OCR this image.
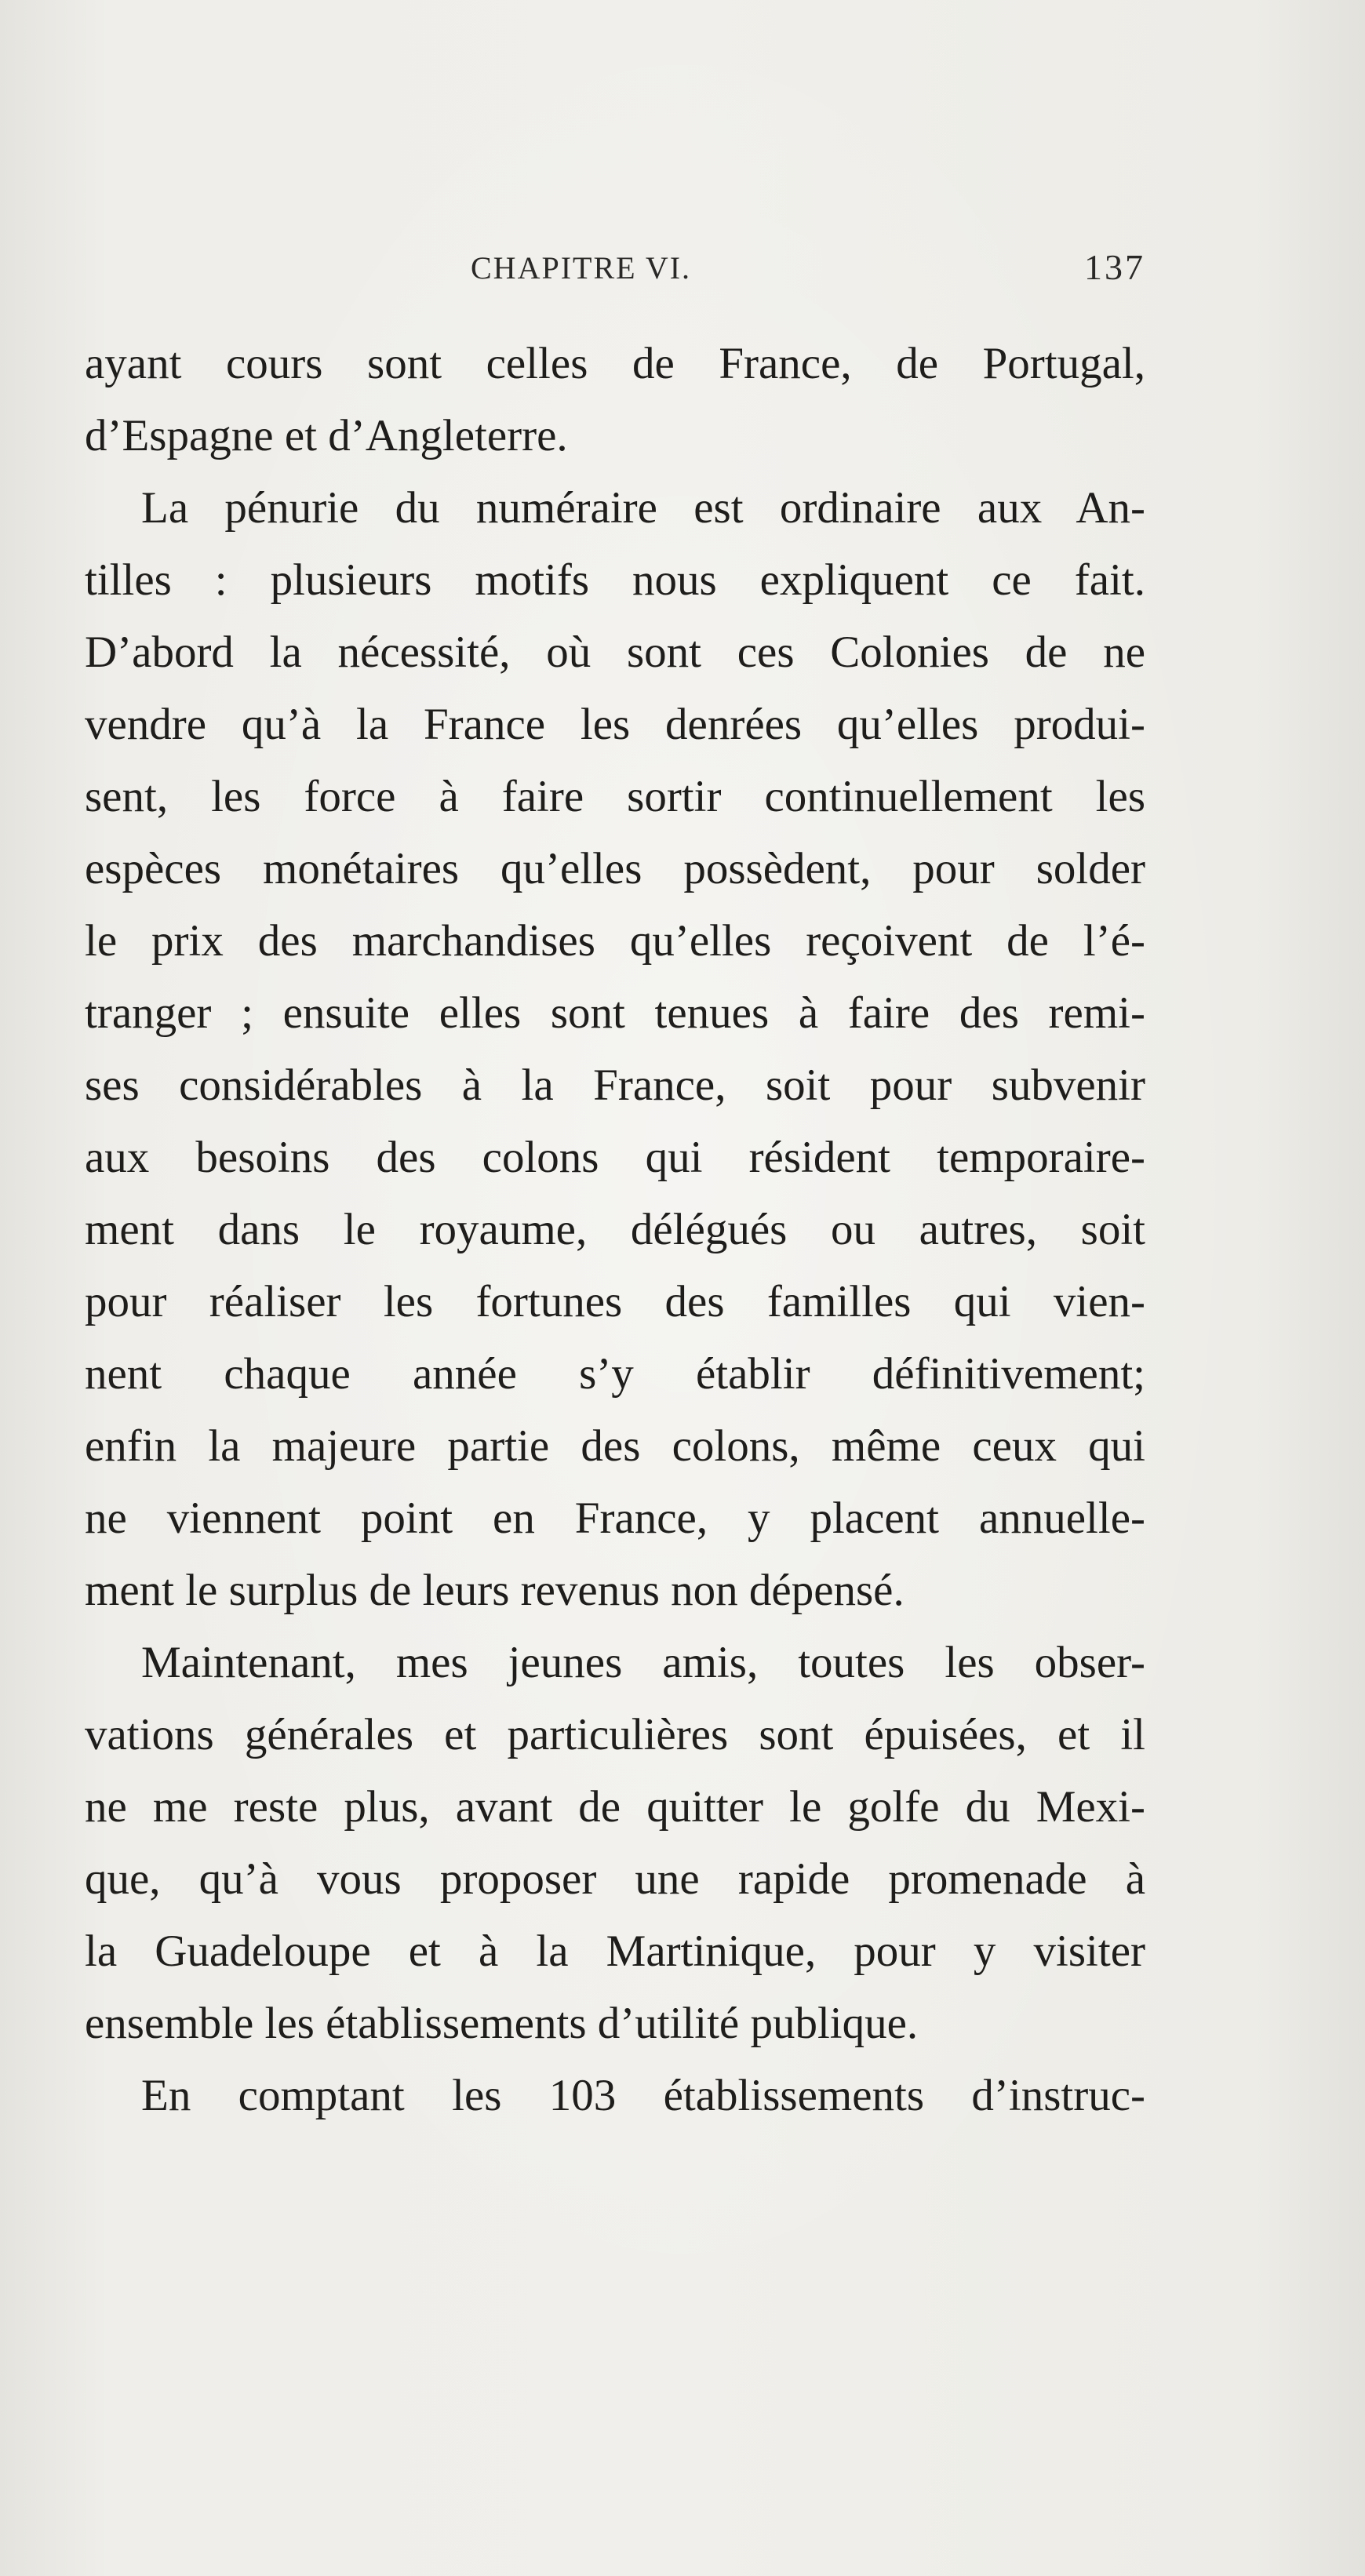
CHAPITRE VI.	137
ayant cours sont celles de France, de Portugal,
d’Espagne et d’Angleterre.
La pénurie du numéraire est ordinaire aux An-
tilles : plusieurs motifs nous expliquent ce fait.
D’abord la nécessité, où sont ces Colonies de ne
vendre qu’à la France les denrées qu’elles produi-
sent, les force à faire sortir continuellement les
espèces monétaires qu’elles possèdent, pour solder
le prix des marchandises qu’elles reçoivent de l’é-
tranger ; ensuite elles sont tenues à faire des remi-
ses considérables à la France, soit pour subvenir
aux besoins des colons qui résident temporaire-
ment dans le royaume, délégués ou autres, soit
pour réaliser les fortunes des familles qui vien-
nent chaque année s’y établir définitivement;
enfin la majeure partie des colons, même ceux qui
ne viennent point en France, y placent annuelle-
ment le surplus de leurs revenus non dépensé.
Maintenant, mes jeunes amis, toutes les obser-
vations générales et particulières sont épuisées, et il
ne me reste plus, avant de quitter le golfe du Mexi-
que, qu’à vous proposer une rapide promenade à
la Guadeloupe et à la Martinique, pour y visiter
ensemble les établissements d’utilité publique.
En comptant les 103 établissements d’instruc-
